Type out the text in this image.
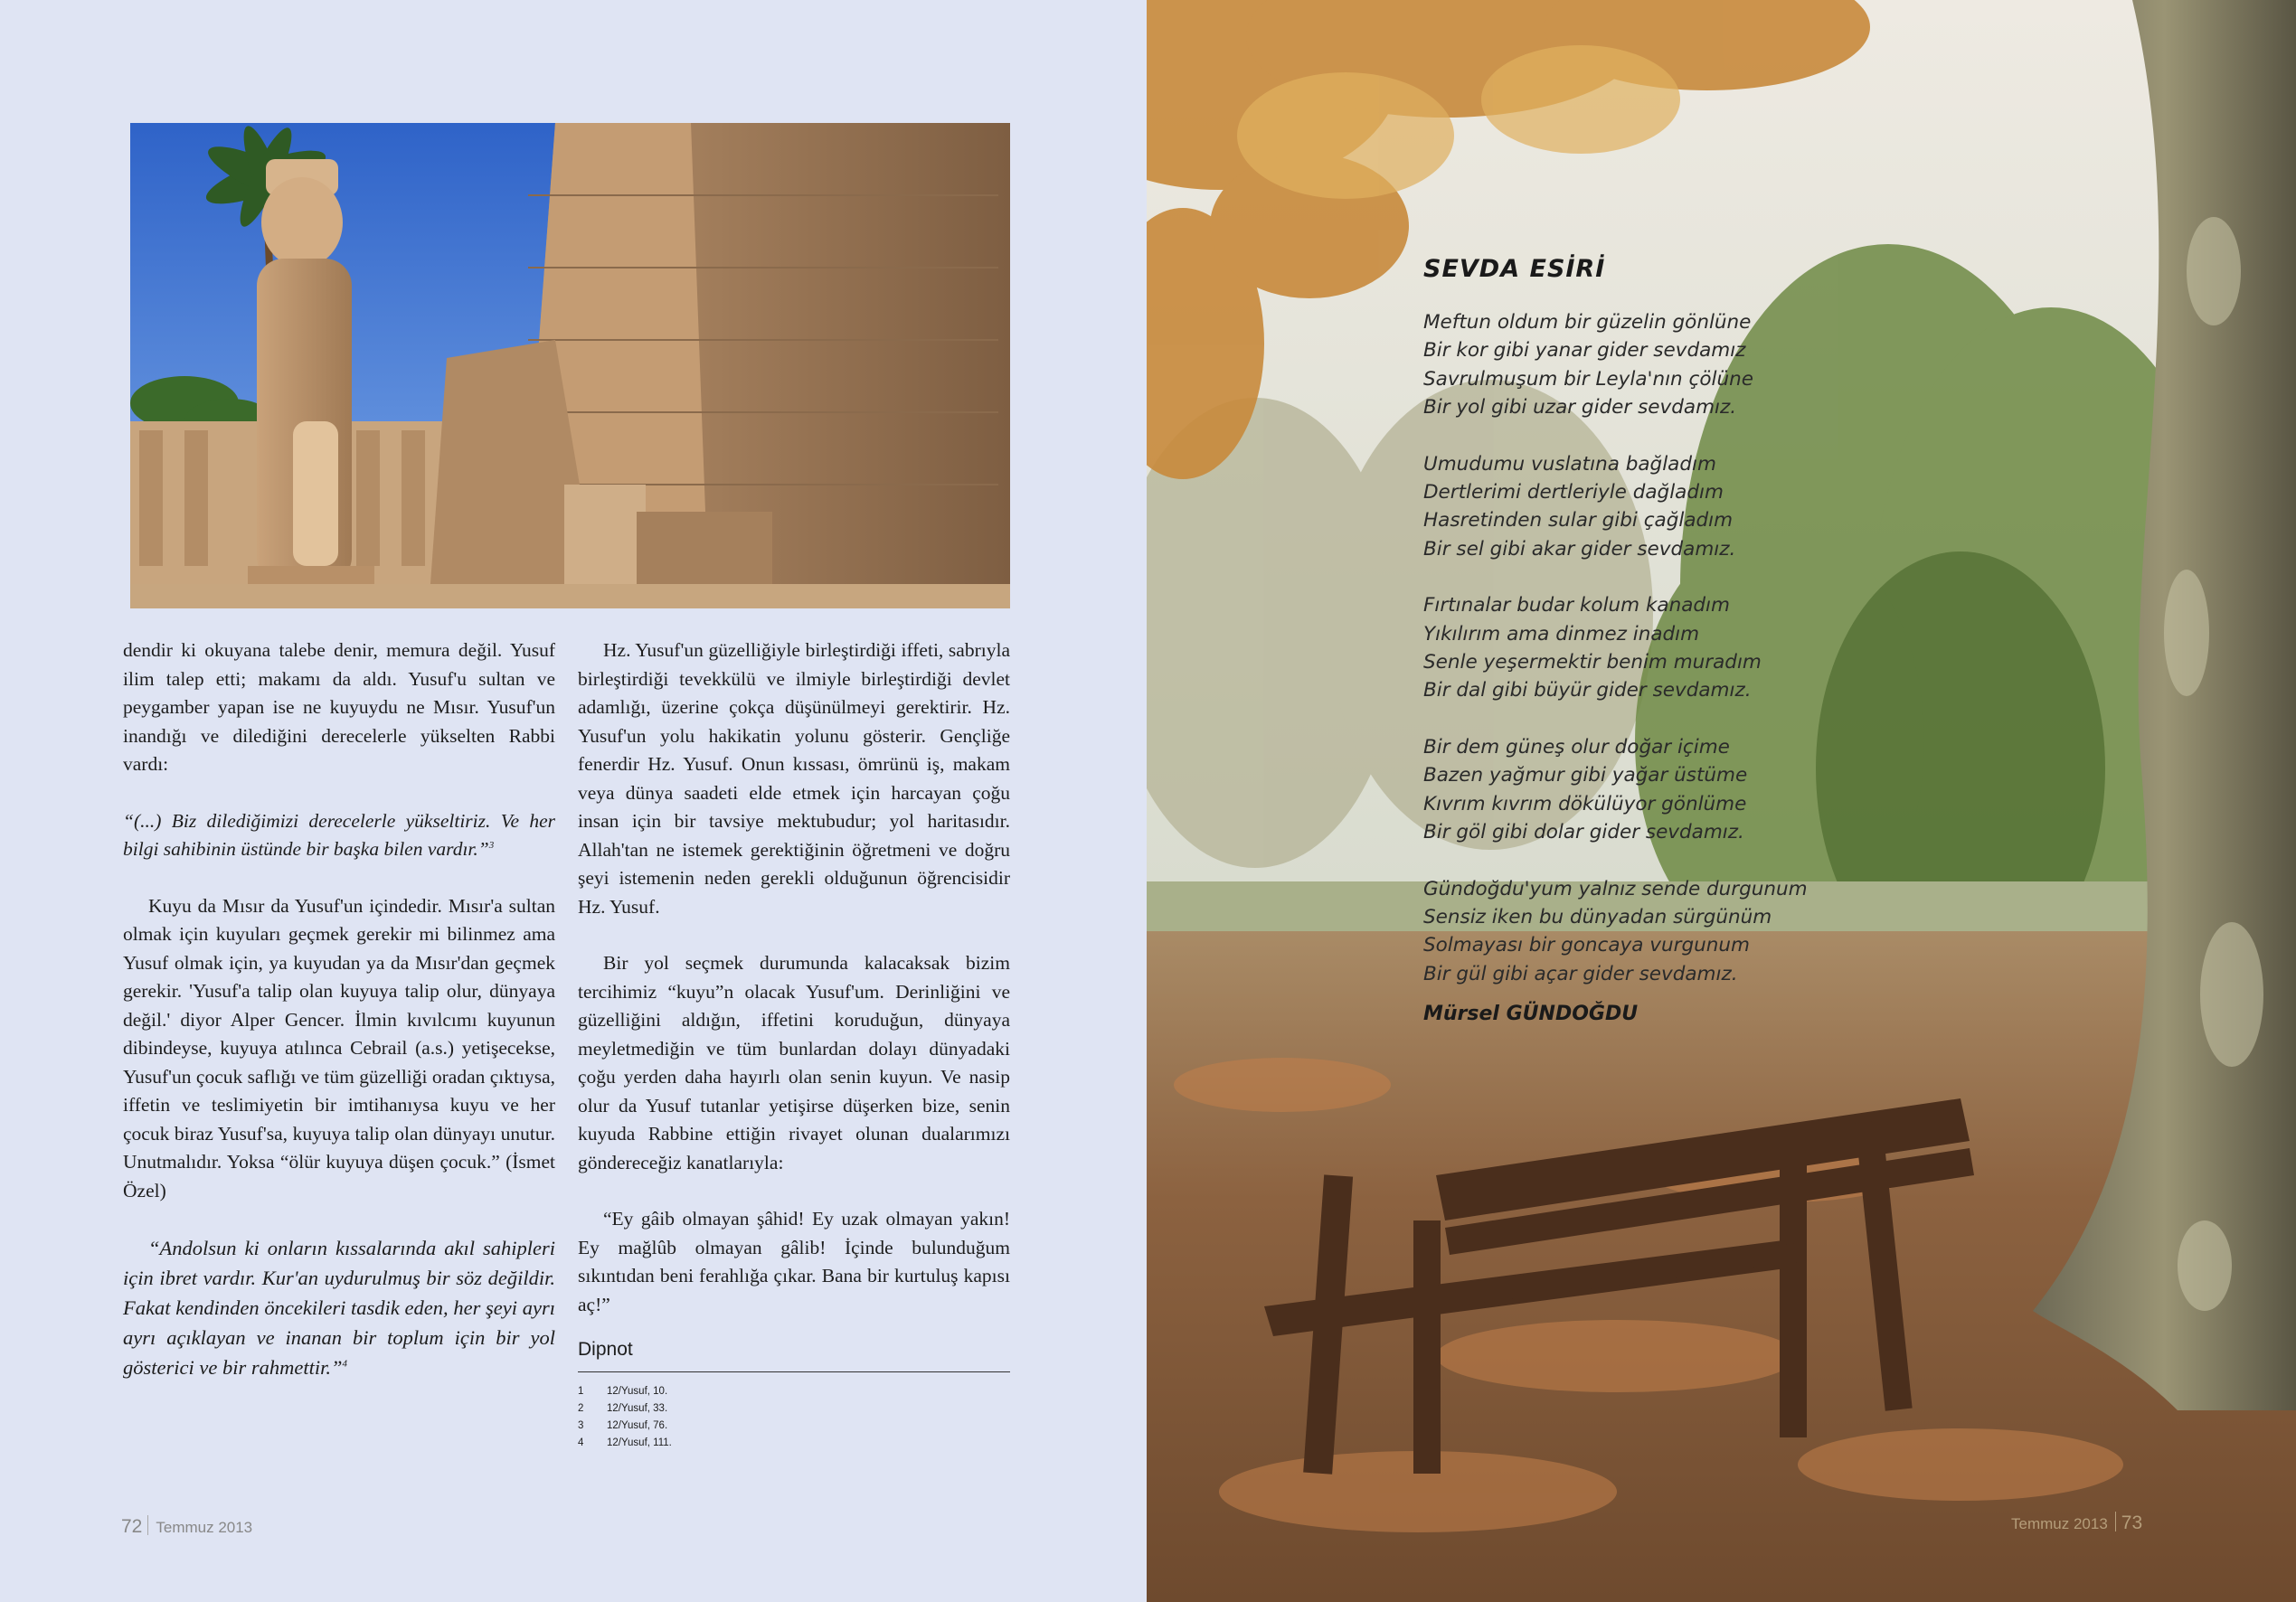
dendir ki okuyana talebe denir, memura değil. Yusuf ilim talep etti; makamı da aldı. Yusuf'u sultan ve peygamber yapan ise ne kuyuydu ne Mısır. Yusuf'un inandığı ve dilediğini derecelerle yükselten Rabbi vardı:

“(...) Biz dilediğimizi derecelerle yükseltiriz. Ve her bilgi sahibinin üstünde bir başka bilen vardır.”$^3$

Kuyu da Mısır da Yusuf'un içindedir. Mısır'a sultan olmak için kuyuları geçmek gerekir mi bilinmez ama Yusuf olmak için, ya kuyudan ya da Mısır'dan geçmek gerekir. 'Yusuf'a talip olan kuyuya talip olur, dünyaya değil.' diyor Alper Gencer. İlmin kıvılcımı kuyunun dibindeyse, kuyuya atılınca Cebrail (a.s.) yetişecekse, Yusuf'un çocuk saflığı ve tüm güzelliği oradan çıktıysa, iffetin ve teslimiyetin bir imtihanıysa kuyu ve her çocuk biraz Yusuf'sa, kuyuya talip olan dünyayı unutur. Unutmalıdır. Yoksa “ölür kuyuya düşen çocuk.” (İsmet Özel)

“Andolsun ki onların kıssalarında akıl sahipleri için ibret vardır. Kur'an uydurulmuş bir söz değildir. Fakat kendinden öncekileri tasdik eden, her şeyi ayrı ayrı açıklayan ve inanan bir toplum için bir yol gösterici ve bir rahmettir.”$^4$

Hz. Yusuf'un güzelliğiyle birleştirdiği iffeti, sabrıyla birleştirdiği tevekkülü ve ilmiyle birleştirdiği devlet adamlığı, üzerine çokça düşünülmeyi gerektirir. Hz. Yusuf'un yolu hakikatin yolunu gösterir. Gençliğe fenerdir Hz. Yusuf. Onun kıssası, ömrünü iş, makam veya dünya saadeti elde etmek için harcayan çoğu insan için bir tavsiye mektubudur; yol haritasıdır. Allah'tan ne istemek gerektiğinin öğretmeni ve doğru şeyi istemenin neden gerekli olduğunun öğrencisidir Hz. Yusuf.

Bir yol seçmek durumunda kalacaksak bizim tercihimiz “kuyu”n olacak Yusuf'um. Derinliğini ve güzelliğini aldığın, iffetini koruduğun, dünyaya meyletmediğin ve tüm bunlardan dolayı dünyadaki çoğu yerden daha hayırlı olan senin kuyun. Ve nasip olur da Yusuf tutanlar yetişirse düşerken bize, senin kuyuda Rabbine ettiğin rivayet olunan dualarımızı göndereceğiz kanatlarıyla:

“Ey gâib olmayan şâhid! Ey uzak olmayan yakın! Ey mağlûb olmayan gâlib! İçinde bulunduğum sıkıntıdan beni ferahlığa çıkar. Bana bir kurtuluş kapısı aç!”

Dipnot
1 12/Yusuf, 10.
2 12/Yusuf, 33.
3 12/Yusuf, 76.
4 12/Yusuf, 111.
72 Temmuz 2013
SEVDA ESİRİ
Meftun oldum bir güzelin gönlüne
Bir kor gibi yanar gider sevdamız
Savrulmuşum bir Leyla'nın çölüne
Bir yol gibi uzar gider sevdamız.
Umudumu vuslatına bağladım
Dertlerimi dertleriyle dağladım
Hasretinden sular gibi çağladım
Bir sel gibi akar gider sevdamız.
Fırtınalar budar kolum kanadım
Yıkılırım ama dinmez inadım
Senle yeşermektir benim muradım
Bir dal gibi büyür gider sevdamız.
Bir dem güneş olur doğar içime
Bazen yağmur gibi yağar üstüme
Kıvrım kıvrım dökülüyor gönlüme
Bir göl gibi dolar gider sevdamız.
Gündoğdu'yum yalnız sende durgunum
Sensiz iken bu dünyadan sürgünüm
Solmayası bir goncaya vurgunum
Bir gül gibi açar gider sevdamız.
Mürsel GÜNDOĞDU
Temmuz 2013 73
